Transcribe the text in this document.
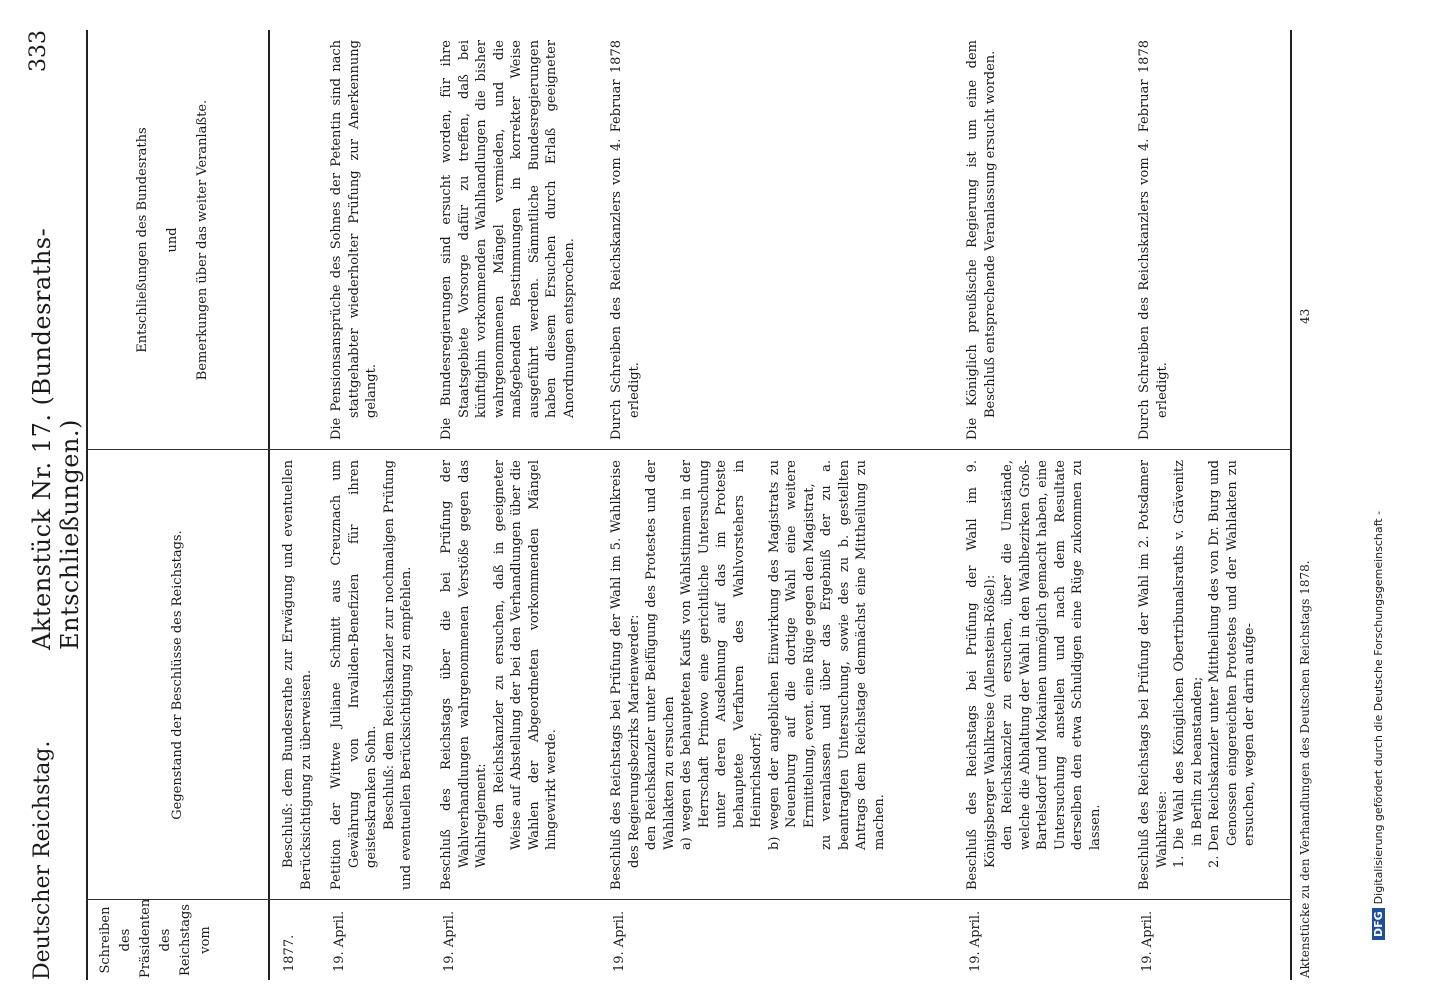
Deutscher Reichstag.
Aktenstück Nr. 17. (Bundesraths-Entschließungen.)
333
Schreiben des Präsidenten des Reichstags vom
Gegenstand der Beschlüsse des Reichstags.
Entschließungen des Bundesraths	und	Bemerkungen über das weiter Veranlaßte.
1877.

Beschluß: dem Bundesrathe zur Erwägung und eventuellen Berücksichtigung zu überweisen.

19. April.

Petition der Wittwe Juliane Schmitt aus Creuznach um Gewährung von Invaliden-Benefizien für ihren geisteskranken Sohn. Beschluß: dem Reichskanzler zur nochmaligen Prüfung und eventuellen Berücksichtigung zu empfehlen.

Die Pensionsansprüche des Sohnes der Petentin sind nach stattgehabter wiederholter Prüfung zur Anerkennung gelangt.

19. April.

Beschluß des Reichstags über die bei Prüfung der Wahlverhandlungen wahrgenommenen Verstöße gegen das Wahlreglement: den Reichskanzler zu ersuchen, daß in geeigneter Weise auf Abstellung der bei den Verhandlungen über die Wahlen der Abgeordneten vorkommenden Mängel hingewirkt werde.

Die Bundesregierungen sind ersucht worden, für ihre Staatsgebiete Vorsorge dafür zu treffen, daß bei künftighin vorkommenden Wahlhandlungen die bisher wahrgenommenen Mängel vermieden, und die maßgebenden Bestimmungen in korrekter Weise ausgeführt werden. Sämmtliche Bundesregierungen haben diesem Ersuchen durch Erlaß geeigneter Anordnungen entsprochen.

19. April.

Beschluß des Reichstags bei Prüfung der Wahl im 5. Wahlkreise des Regierungsbezirks Marienwerder: den Reichskanzler unter Beifügung des Protestes und der Wahlakten zu ersuchen a) wegen des behaupteten Kaufs von Wahlstimmen in der Herrschaft Prinowo eine gerichtliche Untersuchung unter deren Ausdehnung auf das im Proteste behauptete Verfahren des Wahlvorstehers in Heinrichsdorf; b) wegen der angeblichen Einwirkung des Magistrats zu Neuenburg auf die dortige Wahl eine weitere Ermittelung, event. eine Rüge gegen den Magistrat, zu veranlassen und über das Ergebniß der zu a. beantragten Untersuchung, sowie des zu b. gestellten Antrags dem Reichstage demnächst eine Mittheilung zu machen.

Durch Schreiben des Reichskanzlers vom 4. Februar 1878 erledigt.

19. April.

Beschluß des Reichstags bei Prüfung der Wahl im 9. Königsberger Wahlkreise (Allenstein-Rößel): den Reichskanzler zu ersuchen, über die Umstände, welche die Abhaltung der Wahl in den Wahlbezirken Groß-Bartelsdorf und Mokainen unmöglich gemacht haben, eine Untersuchung anstellen und nach dem Resultate derselben den etwa Schuldigen eine Rüge zukommen zu lassen.

Die Königlich preußische Regierung ist um eine dem Beschluß entsprechende Veranlassung ersucht worden.

19. April.

Beschluß des Reichstags bei Prüfung der Wahl im 2. Potsdamer Wahlkreise: 1. Die Wahl des Königlichen Obertribunalsraths v. Grävenitz in Berlin zu beanstanden; 2. Den Reichskanzler unter Mittheilung des von Dr. Burg und Genossen eingereichten Protestes und der Wahlakten zu ersuchen, wegen der darin aufge-

Durch Schreiben des Reichskanzlers vom 4. Februar 1878 erledigt.

Aktenstücke zu den Verhandlungen des Deutschen Reichstags 1878.
43
DFGDigitalisierung gefördert durch die Deutsche Forschungsgemeinschaft -
